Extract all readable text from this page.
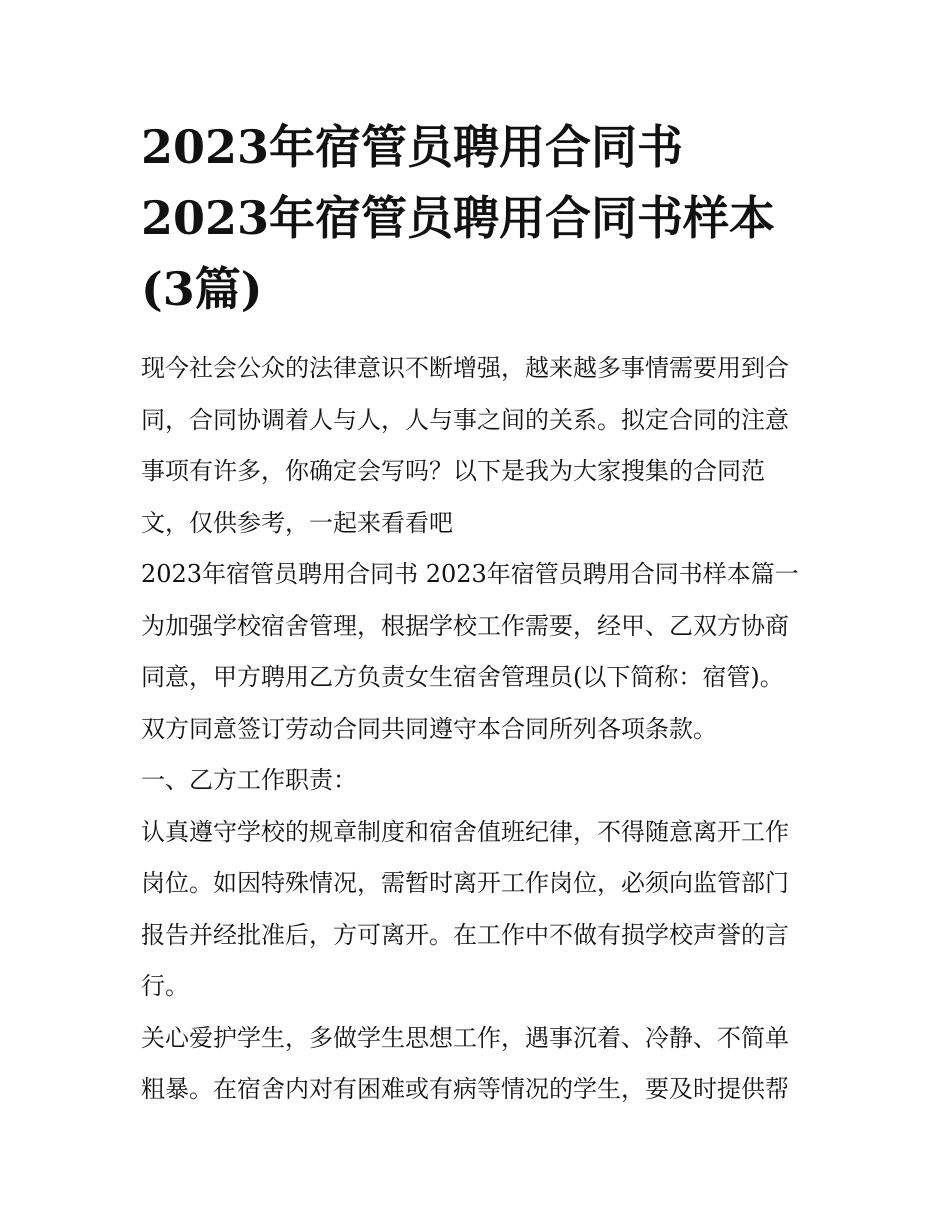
2023年宿管员聘用合同书
2023年宿管员聘用合同书样本
(3篇)

现今社会公众的法律意识不断增强，越来越多事情需要用到合
同，合同协调着人与人，人与事之间的关系。拟定合同的注意
事项有许多，你确定会写吗？以下是我为大家搜集的合同范
文，仅供参考，一起来看看吧

2023年宿管员聘用合同书 2023年宿管员聘用合同书样本篇一

为加强学校宿舍管理，根据学校工作需要，经甲、乙双方协商
同意，甲方聘用乙方负责女生宿舍管理员(以下简称：宿管)。
双方同意签订劳动合同共同遵守本合同所列各项条款。

一、乙方工作职责：

认真遵守学校的规章制度和宿舍值班纪律，不得随意离开工作
岗位。如因特殊情况，需暂时离开工作岗位，必须向监管部门
报告并经批准后，方可离开。在工作中不做有损学校声誉的言
行。

关心爱护学生，多做学生思想工作，遇事沉着、冷静、不简单
粗暴。在宿舍内对有困难或有病等情况的学生，要及时提供帮
